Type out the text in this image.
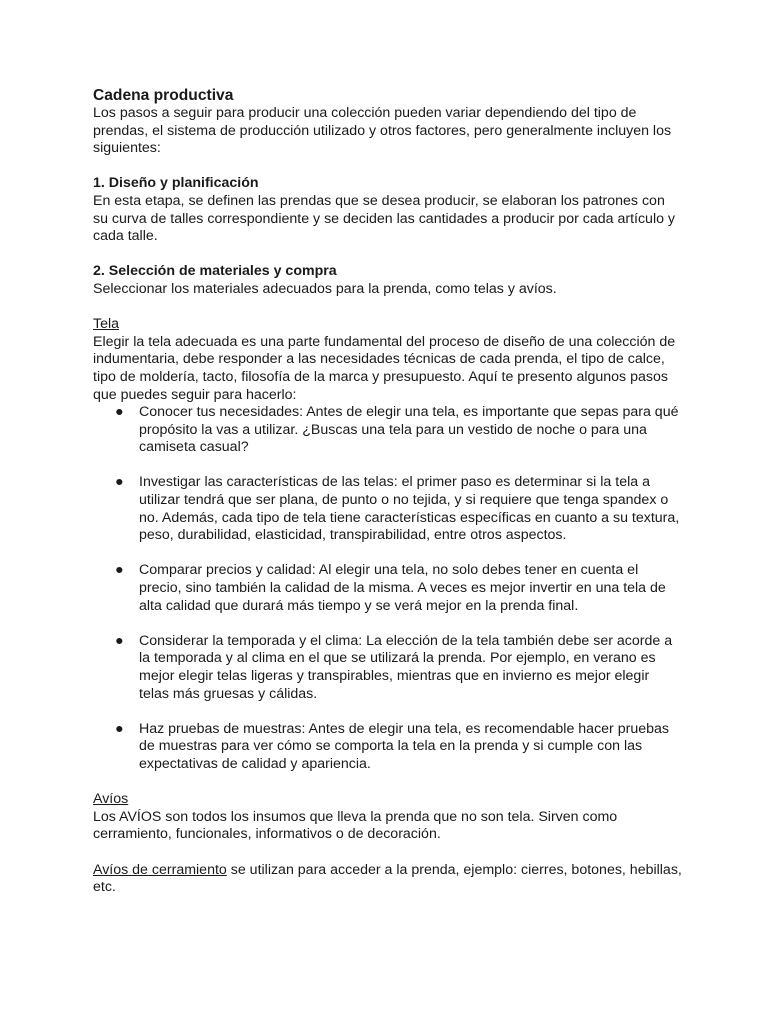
Cadena productiva

Los pasos a seguir para producir una colección pueden variar dependiendo del tipo de prendas, el sistema de producción utilizado y otros factores, pero generalmente incluyen los siguientes:

1. Diseño y planificación

En esta etapa, se definen las prendas que se desea producir, se elaboran los patrones con su curva de talles correspondiente y se deciden las cantidades a producir por cada artículo y cada talle.

2. Selección de materiales y compra

Seleccionar los materiales adecuados para la prenda, como telas y avíos.

Tela

Elegir la tela adecuada es una parte fundamental del proceso de diseño de una colección de indumentaria, debe responder a las necesidades técnicas de cada prenda, el tipo de calce, tipo de moldería, tacto, filosofía de la marca y presupuesto. Aquí te presento algunos pasos que puedes seguir para hacerlo:

● Conocer tus necesidades: Antes de elegir una tela, es importante que sepas para qué propósito la vas a utilizar. ¿Buscas una tela para un vestido de noche o para una camiseta casual?
● Investigar las características de las telas: el primer paso es determinar si la tela a utilizar tendrá que ser plana, de punto o no tejida, y si requiere que tenga spandex o no. Además, cada tipo de tela tiene características específicas en cuanto a su textura, peso, durabilidad, elasticidad, transpirabilidad, entre otros aspectos.
● Comparar precios y calidad: Al elegir una tela, no solo debes tener en cuenta el precio, sino también la calidad de la misma. A veces es mejor invertir en una tela de alta calidad que durará más tiempo y se verá mejor en la prenda final.
● Considerar la temporada y el clima: La elección de la tela también debe ser acorde a la temporada y al clima en el que se utilizará la prenda. Por ejemplo, en verano es mejor elegir telas ligeras y transpirables, mientras que en invierno es mejor elegir telas más gruesas y cálidas.
● Haz pruebas de muestras: Antes de elegir una tela, es recomendable hacer pruebas de muestras para ver cómo se comporta la tela en la prenda y si cumple con las expectativas de calidad y apariencia.

Avíos

Los AVÍOS son todos los insumos que lleva la prenda que no son tela. Sirven como cerramiento, funcionales, informativos o de decoración.

Avíos de cerramiento se utilizan para acceder a la prenda, ejemplo: cierres, botones, hebillas, etc.
